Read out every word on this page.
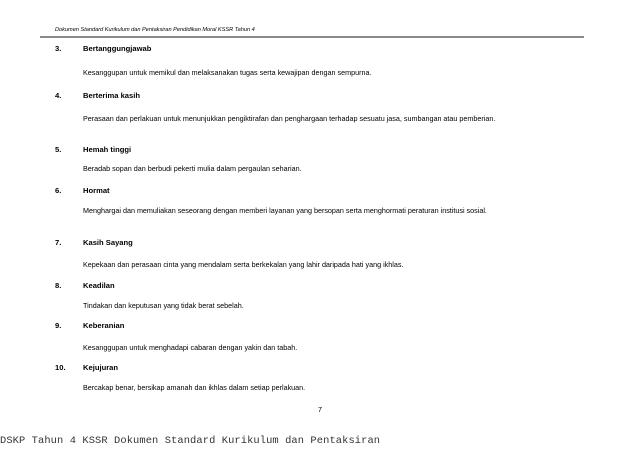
Dokumen Standard Kurikulum dan Pentaksiran Pendidikan Moral KSSR Tahun 4
3.	Bertanggungjawab
Kesanggupan untuk memikul dan melaksanakan tugas serta kewajipan dengan sempurna.
4.	Berterima kasih
Perasaan dan perlakuan untuk menunjukkan pengiktirafan dan penghargaan terhadap sesuatu jasa, sumbangan atau pemberian.
5.	Hemah tinggi
Beradab sopan dan berbudi pekerti mulia dalam pergaulan seharian.
6.	Hormat
Menghargai dan memuliakan seseorang dengan memberi layanan yang bersopan serta menghormati peraturan institusi sosial.
7.	Kasih Sayang
Kepekaan dan perasaan cinta yang mendalam serta berkekalan yang lahir daripada hati yang ikhlas.
8.	Keadilan
Tindakan dan keputusan yang tidak berat sebelah.
9.	Keberanian
Kesanggupan untuk menghadapi cabaran dengan yakin dan tabah.
10. Kejujuran
Bercakap benar, bersikap amanah dan ikhlas dalam setiap perlakuan.
7
DSKP Tahun 4 KSSR Dokumen Standard Kurikulum dan Pentaksiran
